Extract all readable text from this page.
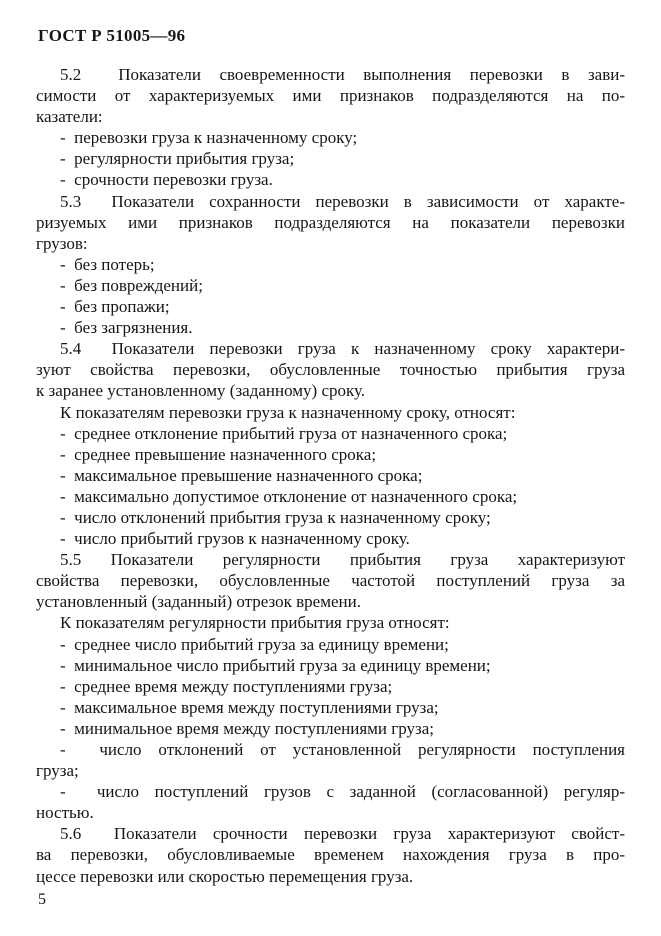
ГОСТ Р 51005—96
5.2  Показатели своевременности выполнения перевозки в зави-
симости от характеризуемых ими признаков подразделяются на по-
казатели:
-  перевозки груза к назначенному сроку;
-  регулярности прибытия груза;
-  срочности перевозки груза.
5.3  Показатели сохранности перевозки в зависимости от характе-
ризуемых ими признаков подразделяются на показатели перевозки
грузов:
-  без потерь;
-  без повреждений;
-  без пропажи;
-  без загрязнения.
5.4  Показатели перевозки груза к назначенному сроку характери-
зуют свойства перевозки, обусловленные точностью прибытия груза
к заранее установленному (заданному) сроку.
К показателям перевозки груза к назначенному сроку, относят:
-  среднее отклонение прибытий груза от назначенного срока;
-  среднее превышение назначенного срока;
-  максимальное превышение назначенного срока;
-  максимально допустимое отклонение от назначенного срока;
-  число отклонений прибытия груза к назначенному сроку;
-  число прибытий грузов к назначенному сроку.
5.5 Показатели регулярности прибытия груза характеризуют
свойства перевозки, обусловленные частотой поступлений груза за
установленный (заданный) отрезок времени.
К показателям регулярности прибытия груза относят:
-  среднее число прибытий груза за единицу времени;
-  минимальное число прибытий груза за единицу времени;
-  среднее время между поступлениями груза;
-  максимальное время между поступлениями груза;
-  минимальное время между поступлениями груза;
-  число отклонений от установленной регулярности поступления
груза;
-  число поступлений грузов с заданной (согласованной) регуляр-
ностью.
5.6  Показатели срочности перевозки груза характеризуют свойст-
ва перевозки, обусловливаемые временем нахождения груза в про-
цессе перевозки или скоростью перемещения груза.
5
